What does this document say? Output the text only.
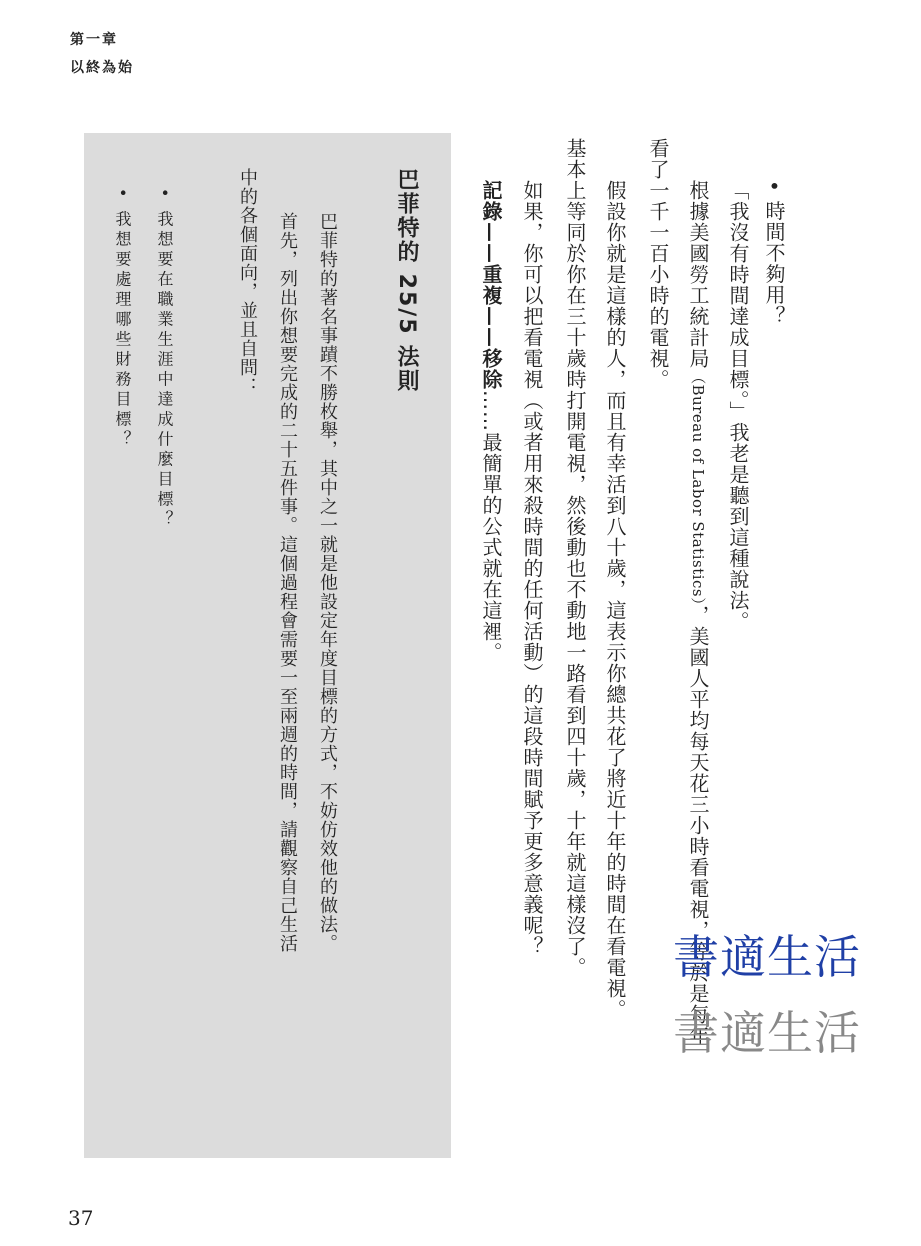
第一章
以終為始
• 時間不夠用？
「我沒有時間達成目標。」我老是聽到這種說法。
根據美國勞工統計局（Bureau of Labor Statistics），美國人平均每天花三小時看電視，等於是每年
看了一千一百小時的電視。
假設你就是這樣的人，而且有幸活到八十歲，這表示你總共花了將近十年的時間在看電視。
基本上等同於你在三十歲時打開電視，然後動也不動地一路看到四十歲，十年就這樣沒了。
如果，你可以把看電視（或者用來殺時間的任何活動）的這段時間賦予更多意義呢？
記錄——重複——移除……最簡單的公式就在這裡。
巴菲特的 25/5 法則
巴菲特的著名事蹟不勝枚舉，其中之一就是他設定年度目標的方式，不妨仿效他的做法。
首先，列出你想要完成的二十五件事。這個過程會需要一至兩週的時間，請觀察自己生活
中的各個面向，並且自問：
• 我想要在職業生涯中達成什麼目標？
• 我想要處理哪些財務目標？
書適生活
書適生活
37
